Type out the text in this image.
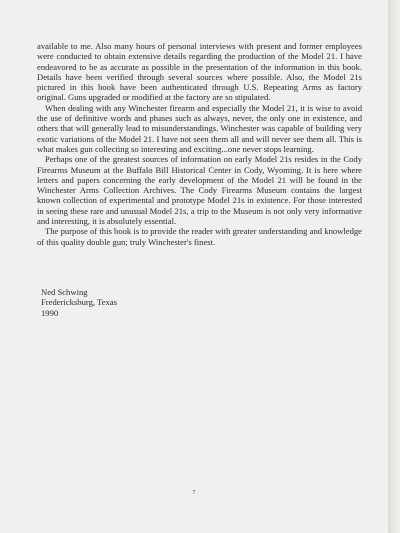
available to me. Also many hours of personal interviews with present and former employees were conducted to obtain extensive details regarding the production of the Model 21. I have endeavored to be as accurate as possible in the presentation of the information in this book. Details have been verified through several sources where possible. Also, the Model 21s pictured in this book have been authenticated through U.S. Repeating Arms as factory original. Guns upgraded or modified at the factory are so stipulated.

When dealing with any Winchester firearm and especially the Model 21, it is wise to avoid the use of definitive words and phases such as always, never, the only one in existence, and others that will generally lead to misunderstandings. Winchester was capable of building very exotic variations of the Model 21. I have not seen them all and will never see them all. This is what makes gun collecting so interesting and exciting...one never stops learning.

Perhaps one of the greatest sources of information on early Model 21s resides in the Cody Firearms Museum at the Buffalo Bill Historical Center in Cody, Wyoming. It is here where letters and papers concerning the early development of the Model 21 will be found in the Winchester Arms Collection Archives. The Cody Firearms Museum contains the largest known collection of experimental and prototype Model 21s in existence. For those interested in seeing these rare and unusual Model 21s, a trip to the Museum is not only very informative and interesting, it is absolutely essential.

The purpose of this book is to provide the reader with greater understanding and knowledge of this quality double gun; truly Winchester's finest.

Ned Schwing
Fredericksburg, Texas
1990
7
